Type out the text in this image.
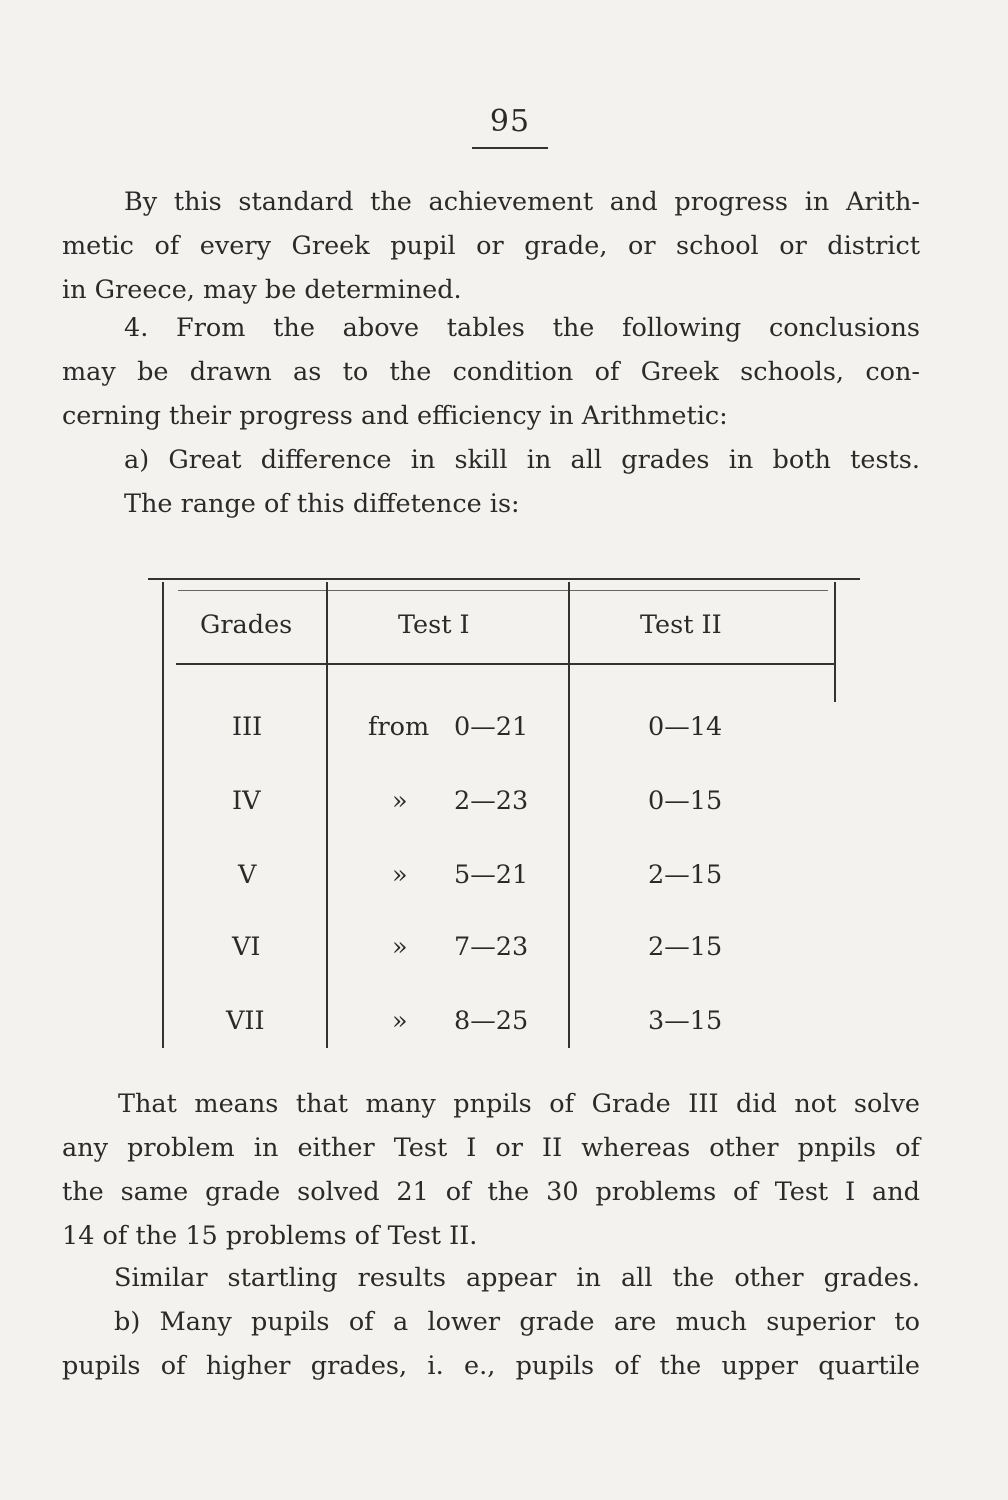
95

By this standard the achievement and progress in Arith-
metic of every Greek pupil or grade, or school or district
in Greece, may be determined.

4. From the above tables the following conclusions
may be drawn as to the condition of Greek schools, con-
cerning their progress and efficiency in Arithmetic:
a) Great difference in skill in all grades in both tests.
The range of this diffetence is:

Grades	Test I	Test II
III	from 0—21	0—14
IV	» 2—23	0—15
V	» 5—21	2—15
VI	» 7—23	2—15
VII	» 8—25	3—15

That means that many pnpils of Grade III did not solve
any problem in either Test I or II whereas other pnpils of
the same grade solved 21 of the 30 problems of Test I and
14 of the 15 problems of Test II.

Similar startling results appear in all the other grades.

b) Many pupils of a lower grade are much superior to
pupils of higher grades, i. e., pupils of the upper quartile
